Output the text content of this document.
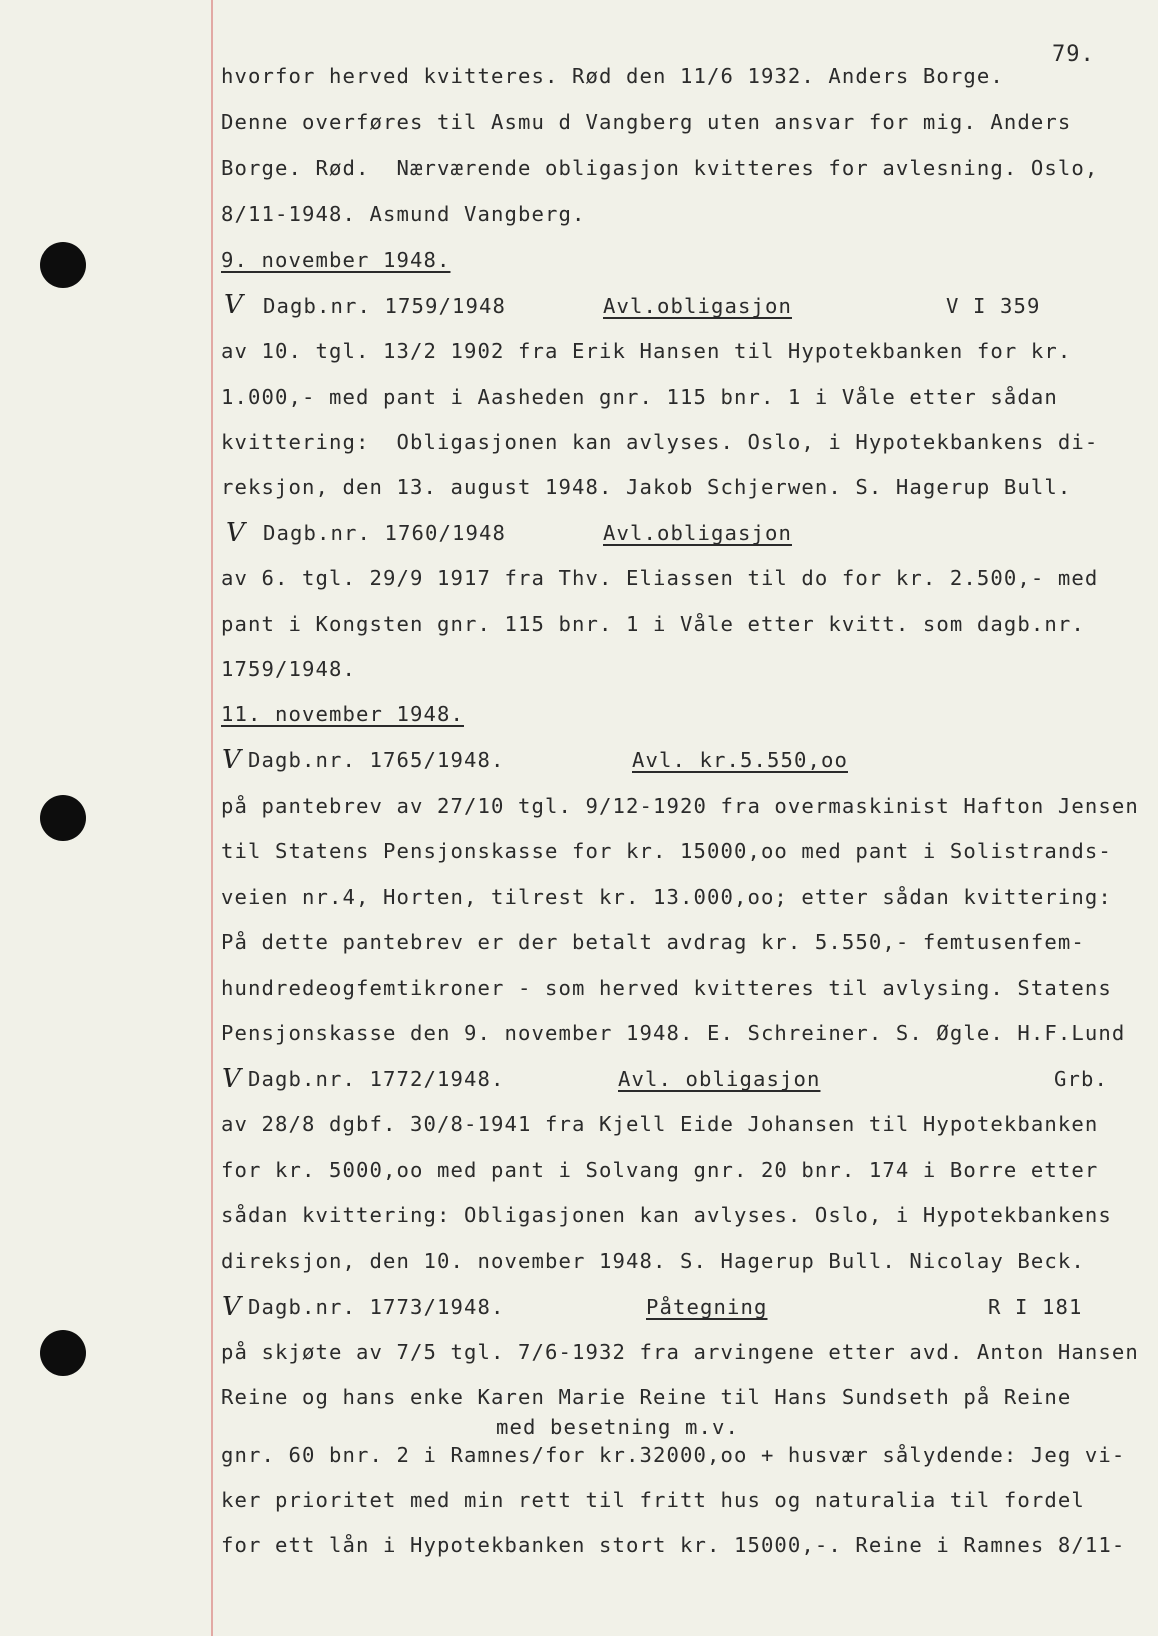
79.
hvorfor herved kvitteres. Rød den 11/6 1932. Anders Borge.
Denne overføres til Asmu d Vangberg uten ansvar for mig. Anders
Borge. Rød.  Nærværende obligasjon kvitteres for avlesning. Oslo,
8/11-1948. Asmund Vangberg.
9. november 1948.
V Dagb.nr. 1759/1948	Avl.obligasjon	V I 359
av 10. tgl. 13/2 1902 fra Erik Hansen til Hypotekbanken for kr.
1.000,- med pant i Aasheden gnr. 115 bnr. 1 i Våle etter sådan
kvittering:  Obligasjonen kan avlyses. Oslo, i Hypotekbankens di-
reksjon, den 13. august 1948. Jakob Schjerwen. S. Hagerup Bull.
V Dagb.nr. 1760/1948	Avl.obligasjon
av 6. tgl. 29/9 1917 fra Thv. Eliassen til do for kr. 2.500,- med
pant i Kongsten gnr. 115 bnr. 1 i Våle etter kvitt. som dagb.nr.
1759/1948.
11. november 1948.
V Dagb.nr. 1765/1948.	Avl. kr.5.550,oo
på pantebrev av 27/10 tgl. 9/12-1920 fra overmaskinist Hafton Jensen
til Statens Pensjonskasse for kr. 15000,oo med pant i Solistrands-
veien nr.4, Horten, tilrest kr. 13.000,oo; etter sådan kvittering:
På dette pantebrev er der betalt avdrag kr. 5.550,- femtusenfem-
hundredeogfemtikroner - som herved kvitteres til avlysing. Statens
Pensjonskasse den 9. november 1948. E. Schreiner. S. Øgle. H.F.Lund
V Dagb.nr. 1772/1948.	Avl. obligasjon	Grb.
av 28/8 dgbf. 30/8-1941 fra Kjell Eide Johansen til Hypotekbanken
for kr. 5000,oo med pant i Solvang gnr. 20 bnr. 174 i Borre etter
sådan kvittering: Obligasjonen kan avlyses. Oslo, i Hypotekbankens
direksjon, den 10. november 1948. S. Hagerup Bull. Nicolay Beck.
V Dagb.nr. 1773/1948.	Påtegning	R I 181
på skjøte av 7/5 tgl. 7/6-1932 fra arvingene etter avd. Anton Hansen
Reine og hans enke Karen Marie Reine til Hans Sundseth på Reine
med besetning m.v.
gnr. 60 bnr. 2 i Ramnes/for kr.32000,oo + husvær sålydende: Jeg vi-
ker prioritet med min rett til fritt hus og naturalia til fordel
for ett lån i Hypotekbanken stort kr. 15000,-. Reine i Ramnes 8/11-
